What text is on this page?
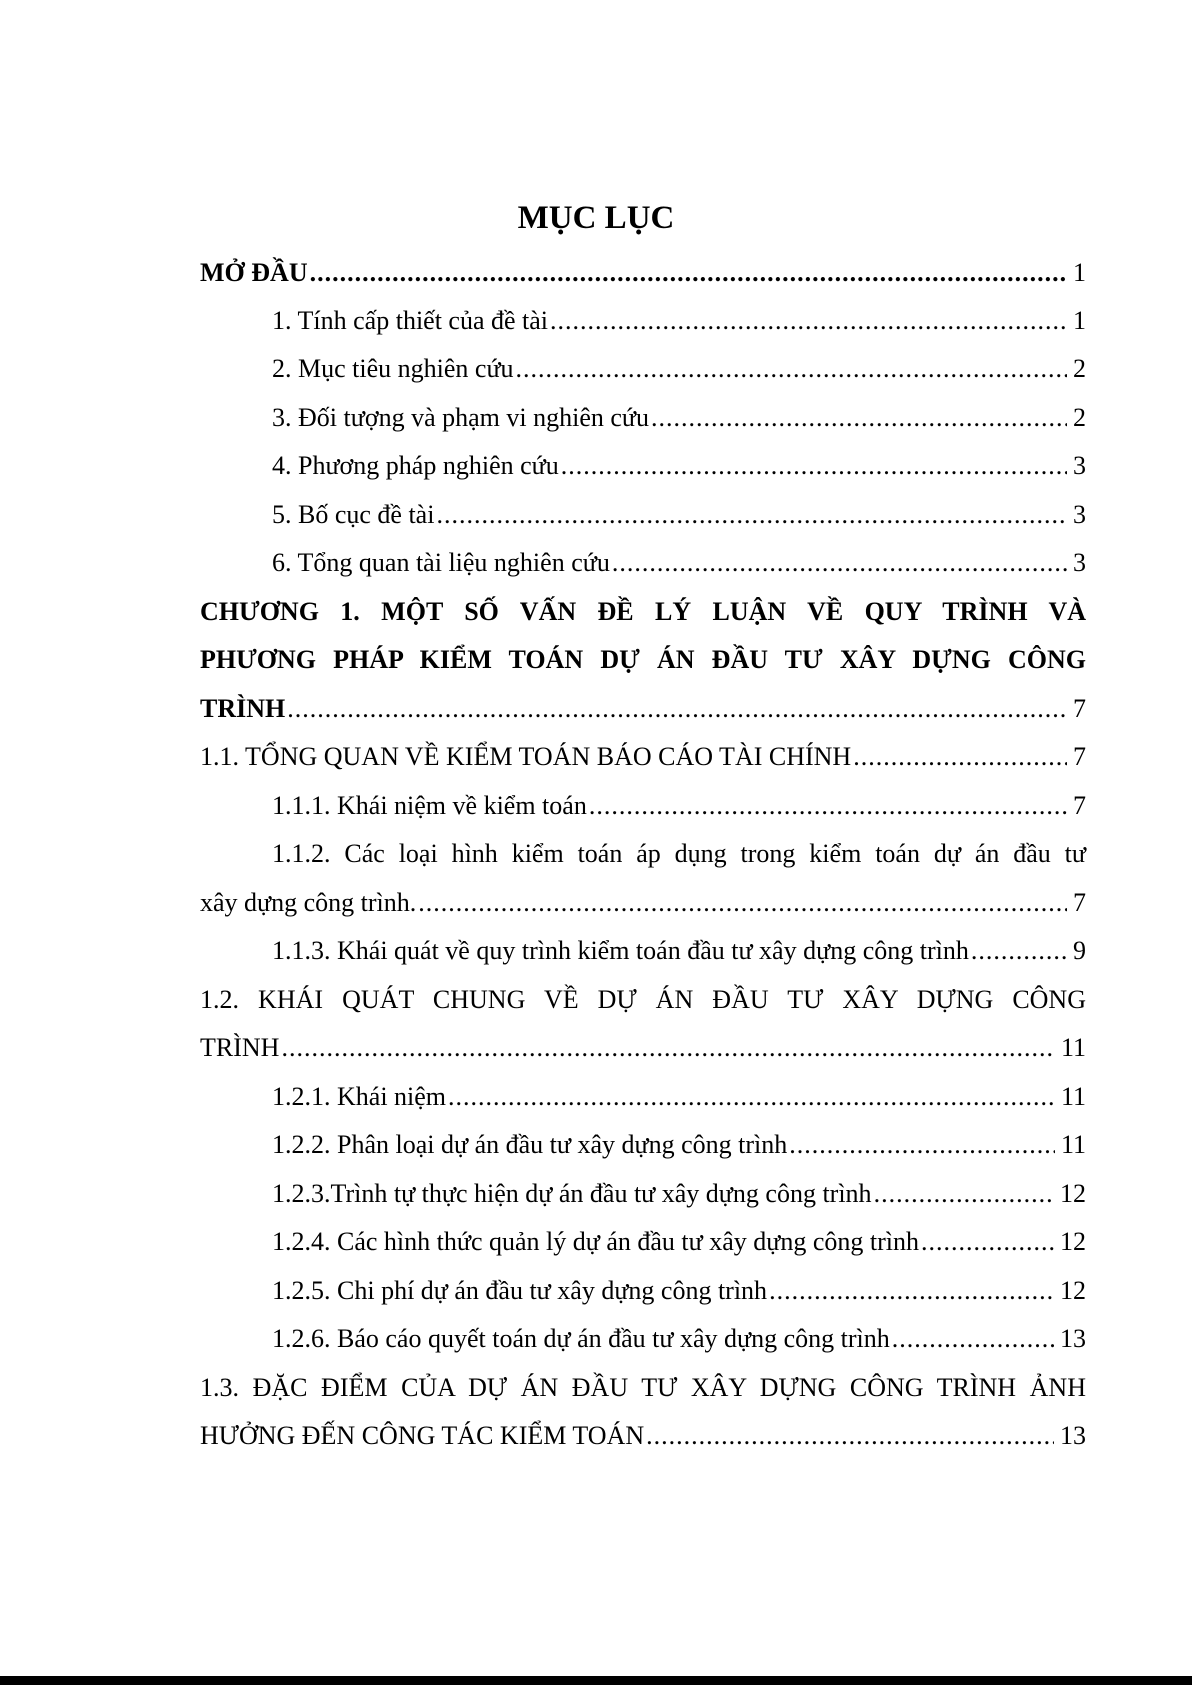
MỤC LỤC
MỞ ĐẦU .....	1
1. Tính cấp thiết của đề tài .....	1
2. Mục tiêu nghiên cứu .....	2
3. Đối tượng và phạm vi nghiên cứu .....	2
4. Phương pháp nghiên cứu .....	3
5. Bố cục đề tài .....	3
6. Tổng quan tài liệu nghiên cứu .....	3
CHƯƠNG 1. MỘT SỐ VẤN ĐỀ LÝ LUẬN VỀ QUY TRÌNH VÀ
PHƯƠNG PHÁP KIỂM TOÁN DỰ ÁN ĐẦU TƯ XÂY DỰNG CÔNG
TRÌNH .....	7
1.1. TỔNG QUAN VỀ KIỂM TOÁN BÁO CÁO TÀI CHÍNH .....	7
1.1.1. Khái niệm về kiểm toán .....	7
1.1.2. Các loại hình kiểm toán áp dụng trong kiểm toán dự án đầu tư
xây dựng công trình. .....	7
1.1.3. Khái quát về quy trình kiểm toán đầu tư xây dựng công trình .....	9
1.2. KHÁI QUÁT CHUNG VỀ DỰ ÁN ĐẦU TƯ XÂY DỰNG CÔNG
TRÌNH .....	11
1.2.1. Khái niệm .....	11
1.2.2. Phân loại dự án đầu tư xây dựng công trình .....	11
1.2.3.Trình tự thực hiện dự án đầu tư xây dựng công trình .....	12
1.2.4. Các hình thức quản lý dự án đầu tư xây dựng công trình .....	12
1.2.5. Chi phí dự án đầu tư xây dựng công trình .....	12
1.2.6. Báo cáo quyết toán dự án đầu tư xây dựng công trình .....	13
1.3. ĐẶC ĐIỂM CỦA DỰ ÁN ĐẦU TƯ XÂY DỰNG CÔNG TRÌNH ẢNH
HƯỞNG ĐẾN CÔNG TÁC KIỂM TOÁN .....	13
